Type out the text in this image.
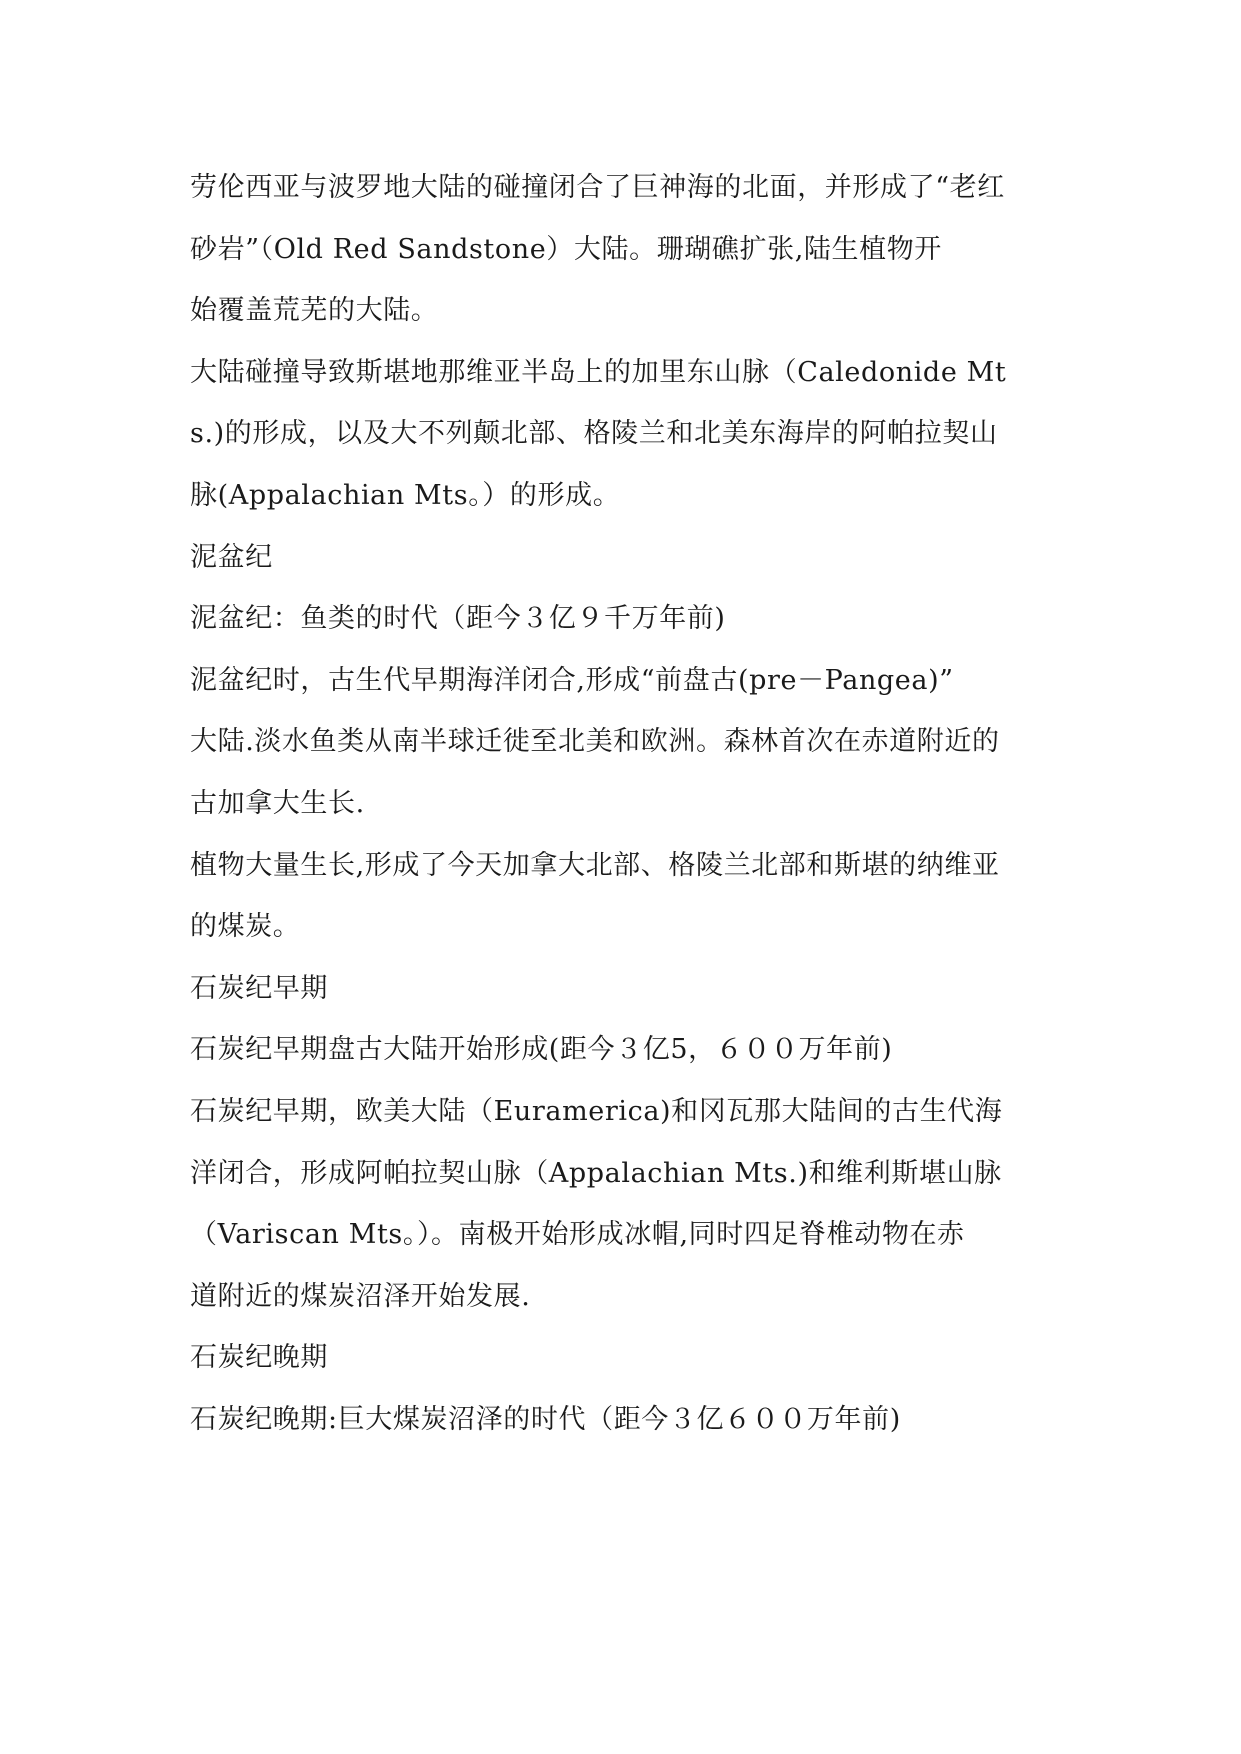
劳伦西亚与波罗地大陆的碰撞闭合了巨神海的北面，并形成了“老红
砂岩”（Old Red Sandstone）大陆。珊瑚礁扩张,陆生植物开
始覆盖荒芜的大陆。
大陆碰撞导致斯堪地那维亚半岛上的加里东山脉（Caledonide Mt
s.)的形成，以及大不列颠北部、格陵兰和北美东海岸的阿帕拉契山
脉(Appalachian Mts。）的形成。
泥盆纪
泥盆纪：鱼类的时代（距今３亿９千万年前)
泥盆纪时，古生代早期海洋闭合,形成“前盘古(pre－Pangea)”
大陆.淡水鱼类从南半球迁徙至北美和欧洲。森林首次在赤道附近的
古加拿大生长.
植物大量生长,形成了今天加拿大北部、格陵兰北部和斯堪的纳维亚
的煤炭。
石炭纪早期
石炭纪早期盘古大陆开始形成(距今３亿5，６００万年前)
石炭纪早期，欧美大陆（Euramerica)和冈瓦那大陆间的古生代海
洋闭合，形成阿帕拉契山脉（Appalachian Mts.)和维利斯堪山脉
（Variscan Mts。）。南极开始形成冰帽,同时四足脊椎动物在赤
道附近的煤炭沼泽开始发展.
石炭纪晚期
石炭纪晚期:巨大煤炭沼泽的时代（距今３亿６００万年前)
